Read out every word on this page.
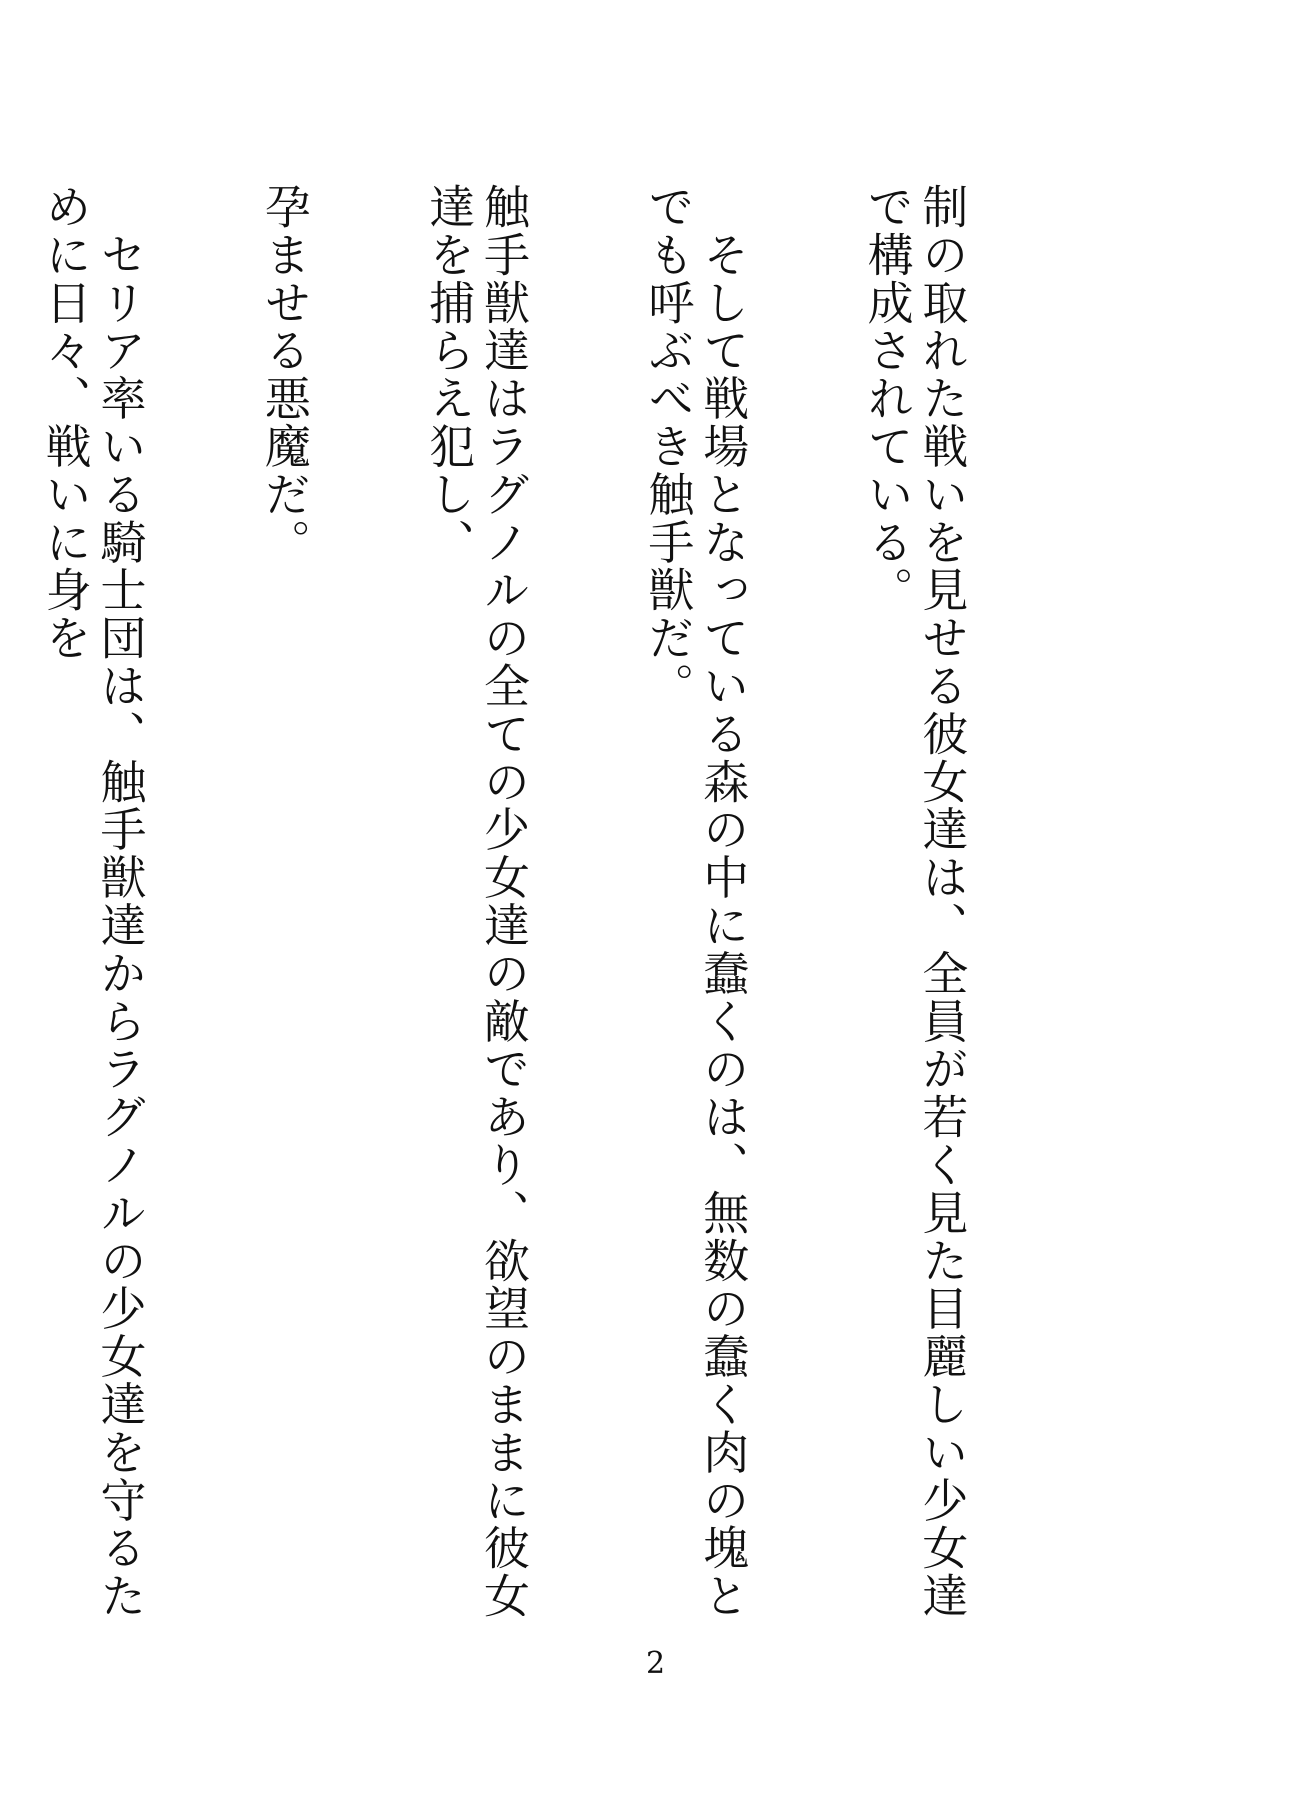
制の取れた戦いを見せる彼女達は、全員が若く見た目麗しい少女達で構成されている。

　そして戦場となっている森の中に蠢くのは、無数の蠢く肉の塊とでも呼ぶべき触手獣だ。

触手獣達はラグノルの全ての少女達の敵であり、欲望のままに彼女達を捕らえ犯し、

孕ませる悪魔だ。

　セリア率いる騎士団は、触手獣達からラグノルの少女達を守るために日々、戦いに身を

2
